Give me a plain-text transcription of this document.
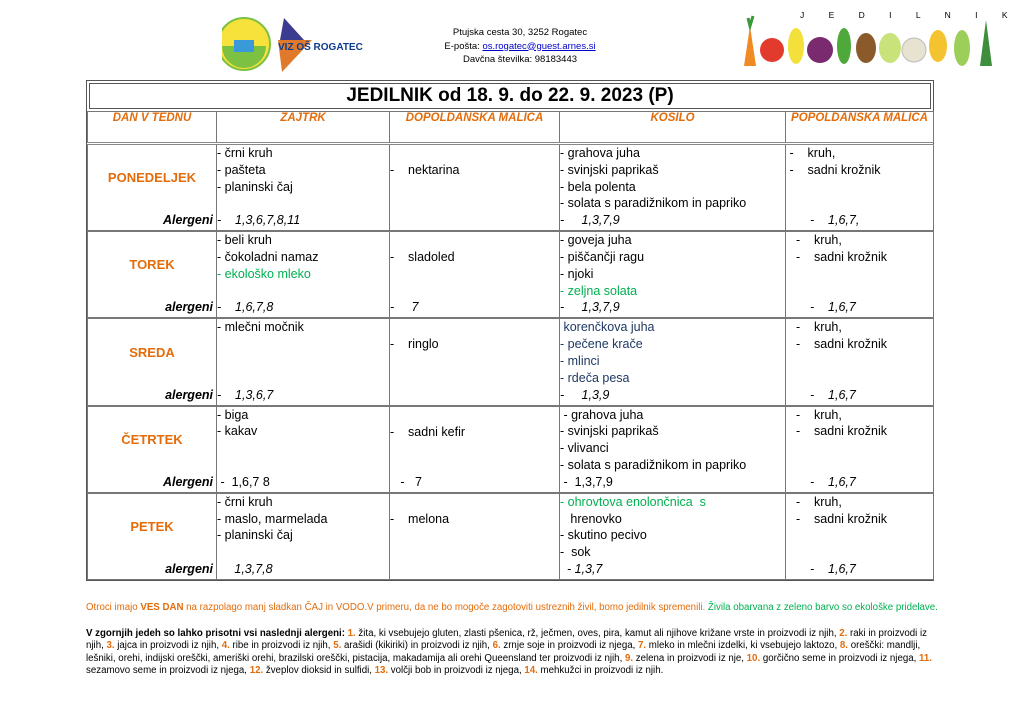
VIZ OŠ ROGATEC
Ptujska cesta 30, 3252 Rogatec
E-pošta: os.rogatec@guest.arnes.si
Davčna številka: 98183443
J E D I L N I K
JEDILNIK od 18. 9. do 22. 9. 2023 (P)
DAN V TEDNU	ZAJTRK	DOPOLDANSKA MALICA	KOSILO	POPOLDANSKA MALICA
PONEDELJEK	- črni kruh
- pašteta
- planinski čaj	-    nektarina	- grahova juha
- svinjski paprikaš
- bela polenta
- solata s paradižnikom in papriko	-    kruh,
-    sadni krožnik

Alergeni	-    1,3,6,7,8,11		-     1,3,7,9	-    1,6,7,
TOREK	- beli kruh
- čokoladni namaz
- ekološko mleko	-    sladoled	- goveja juha
- piščančji ragu
- njoki
- zeljna solata	-    kruh,
-    sadni krožnik

alergeni	-    1,6,7,8	-     7	-     1,3,7,9	-    1,6,7
SREDA	- mlečni močnik	-    ringlo	korenčkova juha
- pečene krače
- mlinci
- rdeča pesa	-    kruh,
-    sadni krožnik

alergeni	-    1,3,6,7		-     1,3,9	-    1,6,7
ČETRTEK	- biga
- kakav	-    sadni kefir	- grahova juha
- svinjski paprikaš
- vlivanci
- solata s paradižnikom in papriko	-    kruh,
-    sadni krožnik

Alergeni	-  1,6,7 8	-   7	-  1,3,7,9	-    1,6,7
PETEK	- črni kruh
- maslo, marmelada
- planinski čaj	-    melona	- ohrovtova enolončnica  s
hrenovko
- skutino pecivo
-  sok	-    kruh,
-    sadni krožnik

alergeni	1,3,7,8		- 1,3,7	-    1,6,7
Otroci imajo VES DAN na razpolago manj sladkan ČAJ in VODO.V primeru, da ne bo mogoče zagotoviti ustreznih živil, bomo jedilnik spremenili. Živila obarvana z zeleno barvo so ekološke pridelave.
V zgornjih jedeh so lahko prisotni vsi naslednji alergeni: 1. žita, ki vsebujejo gluten, zlasti pšenica, rž, ječmen, oves, pira, kamut ali njihove križane vrste in proizvodi iz njih, 2. raki in proizvodi iz njih, 3. jajca in proizvodi iz njih, 4. ribe in proizvodi iz njih, 5. arašidi (kikiriki) in proizvodi iz njih, 6. zrnje soje in proizvodi iz njega, 7. mleko in mlečni izdelki, ki vsebujejo laktozo, 8. oreščki: mandlji, lešniki, orehi, indijski oreščki, ameriški orehi, brazilski oreščki, pistacija, makadamija ali orehi Queensland ter proizvodi iz njih, 9. zelena in proizvodi iz nje, 10. gorčično seme in proizvodi iz njega, 11. sezamovo seme in proizvodi iz njega, 12. žveplov dioksid in sulfidi, 13. volčji bob in proizvodi iz njega, 14. mehkužci in proizvodi iz njih.
